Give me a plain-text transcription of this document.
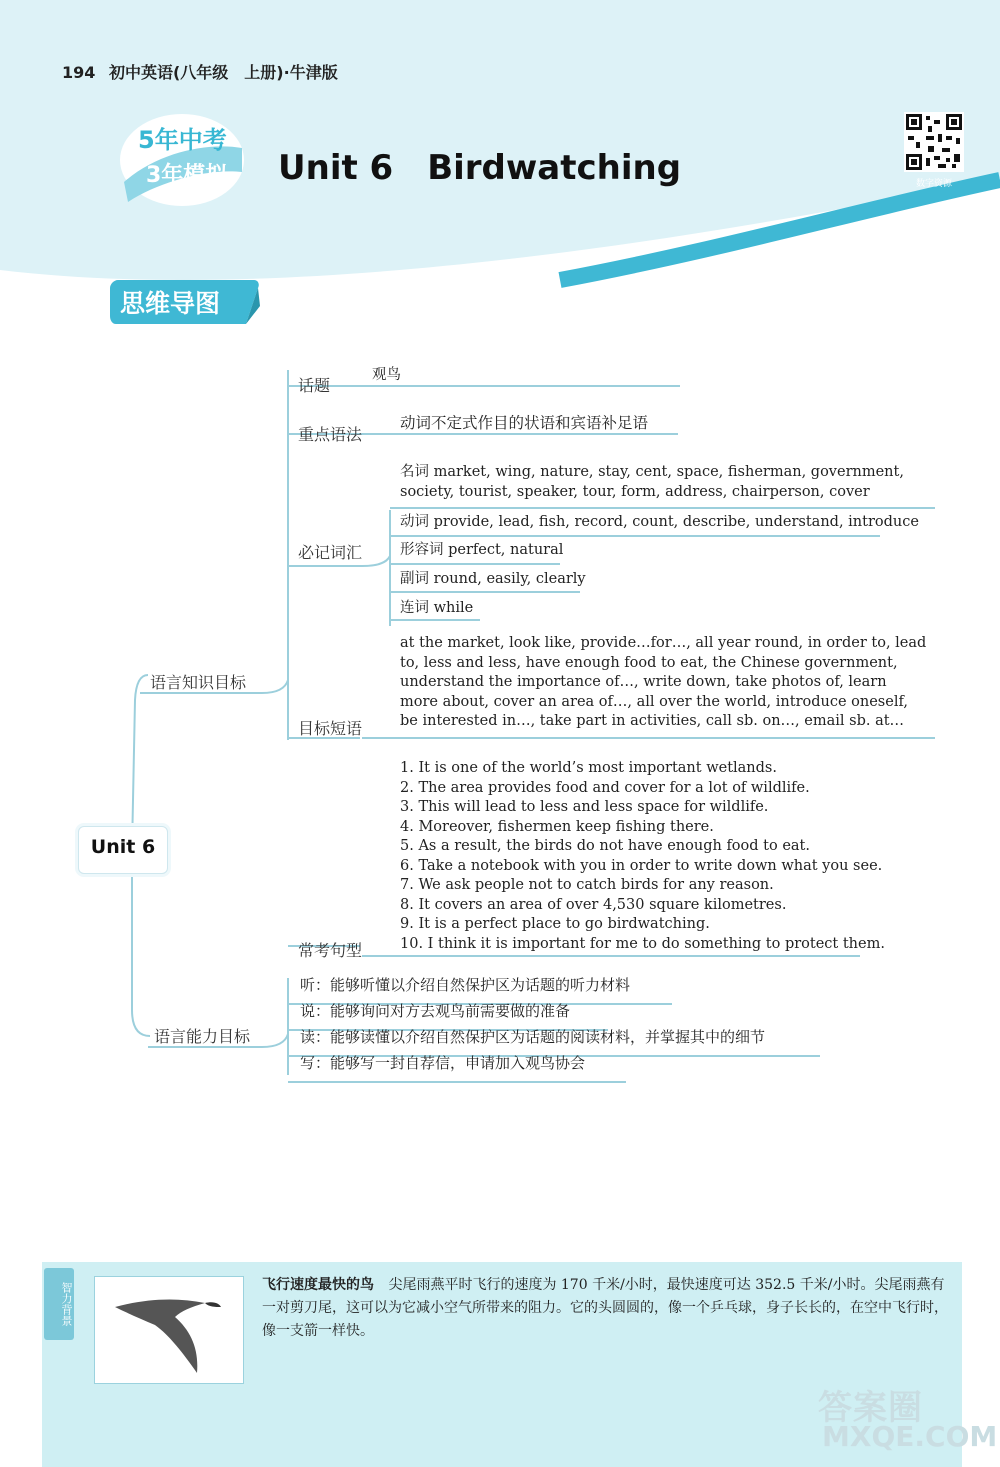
194 初中英语(八年级　上册)·牛津版
5年中考
3年模拟 Unit 6　Birdwatching	数字资源
思维导图
Unit 6
语言知识目标
语言能力目标
话题
观鸟
重点语法
动词不定式作目的状语和宾语补足语
必记词汇
名词 market, wing, nature, stay, cent, space, fisherman, government, society, tourist, speaker, tour, form, address, chairperson, cover
动词 provide, lead, fish, record, count, describe, understand, introduce
形容词 perfect, natural
副词 round, easily, clearly
连词 while
目标短语
at the market, look like, provide…for…, all year round, in order to, lead to, less and less, have enough food to eat, the Chinese government, understand the importance of…, write down, take photos of, learn more about, cover an area of…, all over the world, introduce oneself, be interested in…, take part in activities, call sb. on…, email sb. at…
常考句型
1. It is one of the world’s most important wetlands.
2. The area provides food and cover for a lot of wildlife.
3. This will lead to less and less space for wildlife.
4. Moreover, fishermen keep fishing there.
5. As a result, the birds do not have enough food to eat.
6. Take a notebook with you in order to write down what you see.
7. We ask people not to catch birds for any reason.
8. It covers an area of over 4,530 square kilometres.
9. It is a perfect place to go birdwatching.
10. I think it is important for me to do something to protect them.
听：能够听懂以介绍自然保护区为话题的听力材料
说：能够询问对方去观鸟前需要做的准备
读：能够读懂以介绍自然保护区为话题的阅读材料，并掌握其中的细节
写：能够写一封自荐信，申请加入观鸟协会
智力背景	飞行速度最快的鸟 尖尾雨燕平时飞行的速度为 170 千米/小时，最快速度可达 352.5 千米/小时。尖尾雨燕有一对剪刀尾，这可以为它减小空气所带来的阻力。它的头圆圆的，像一个乒乓球，身子长长的，在空中飞行时，像一支箭一样快。
答案圈
MXQE.COM
